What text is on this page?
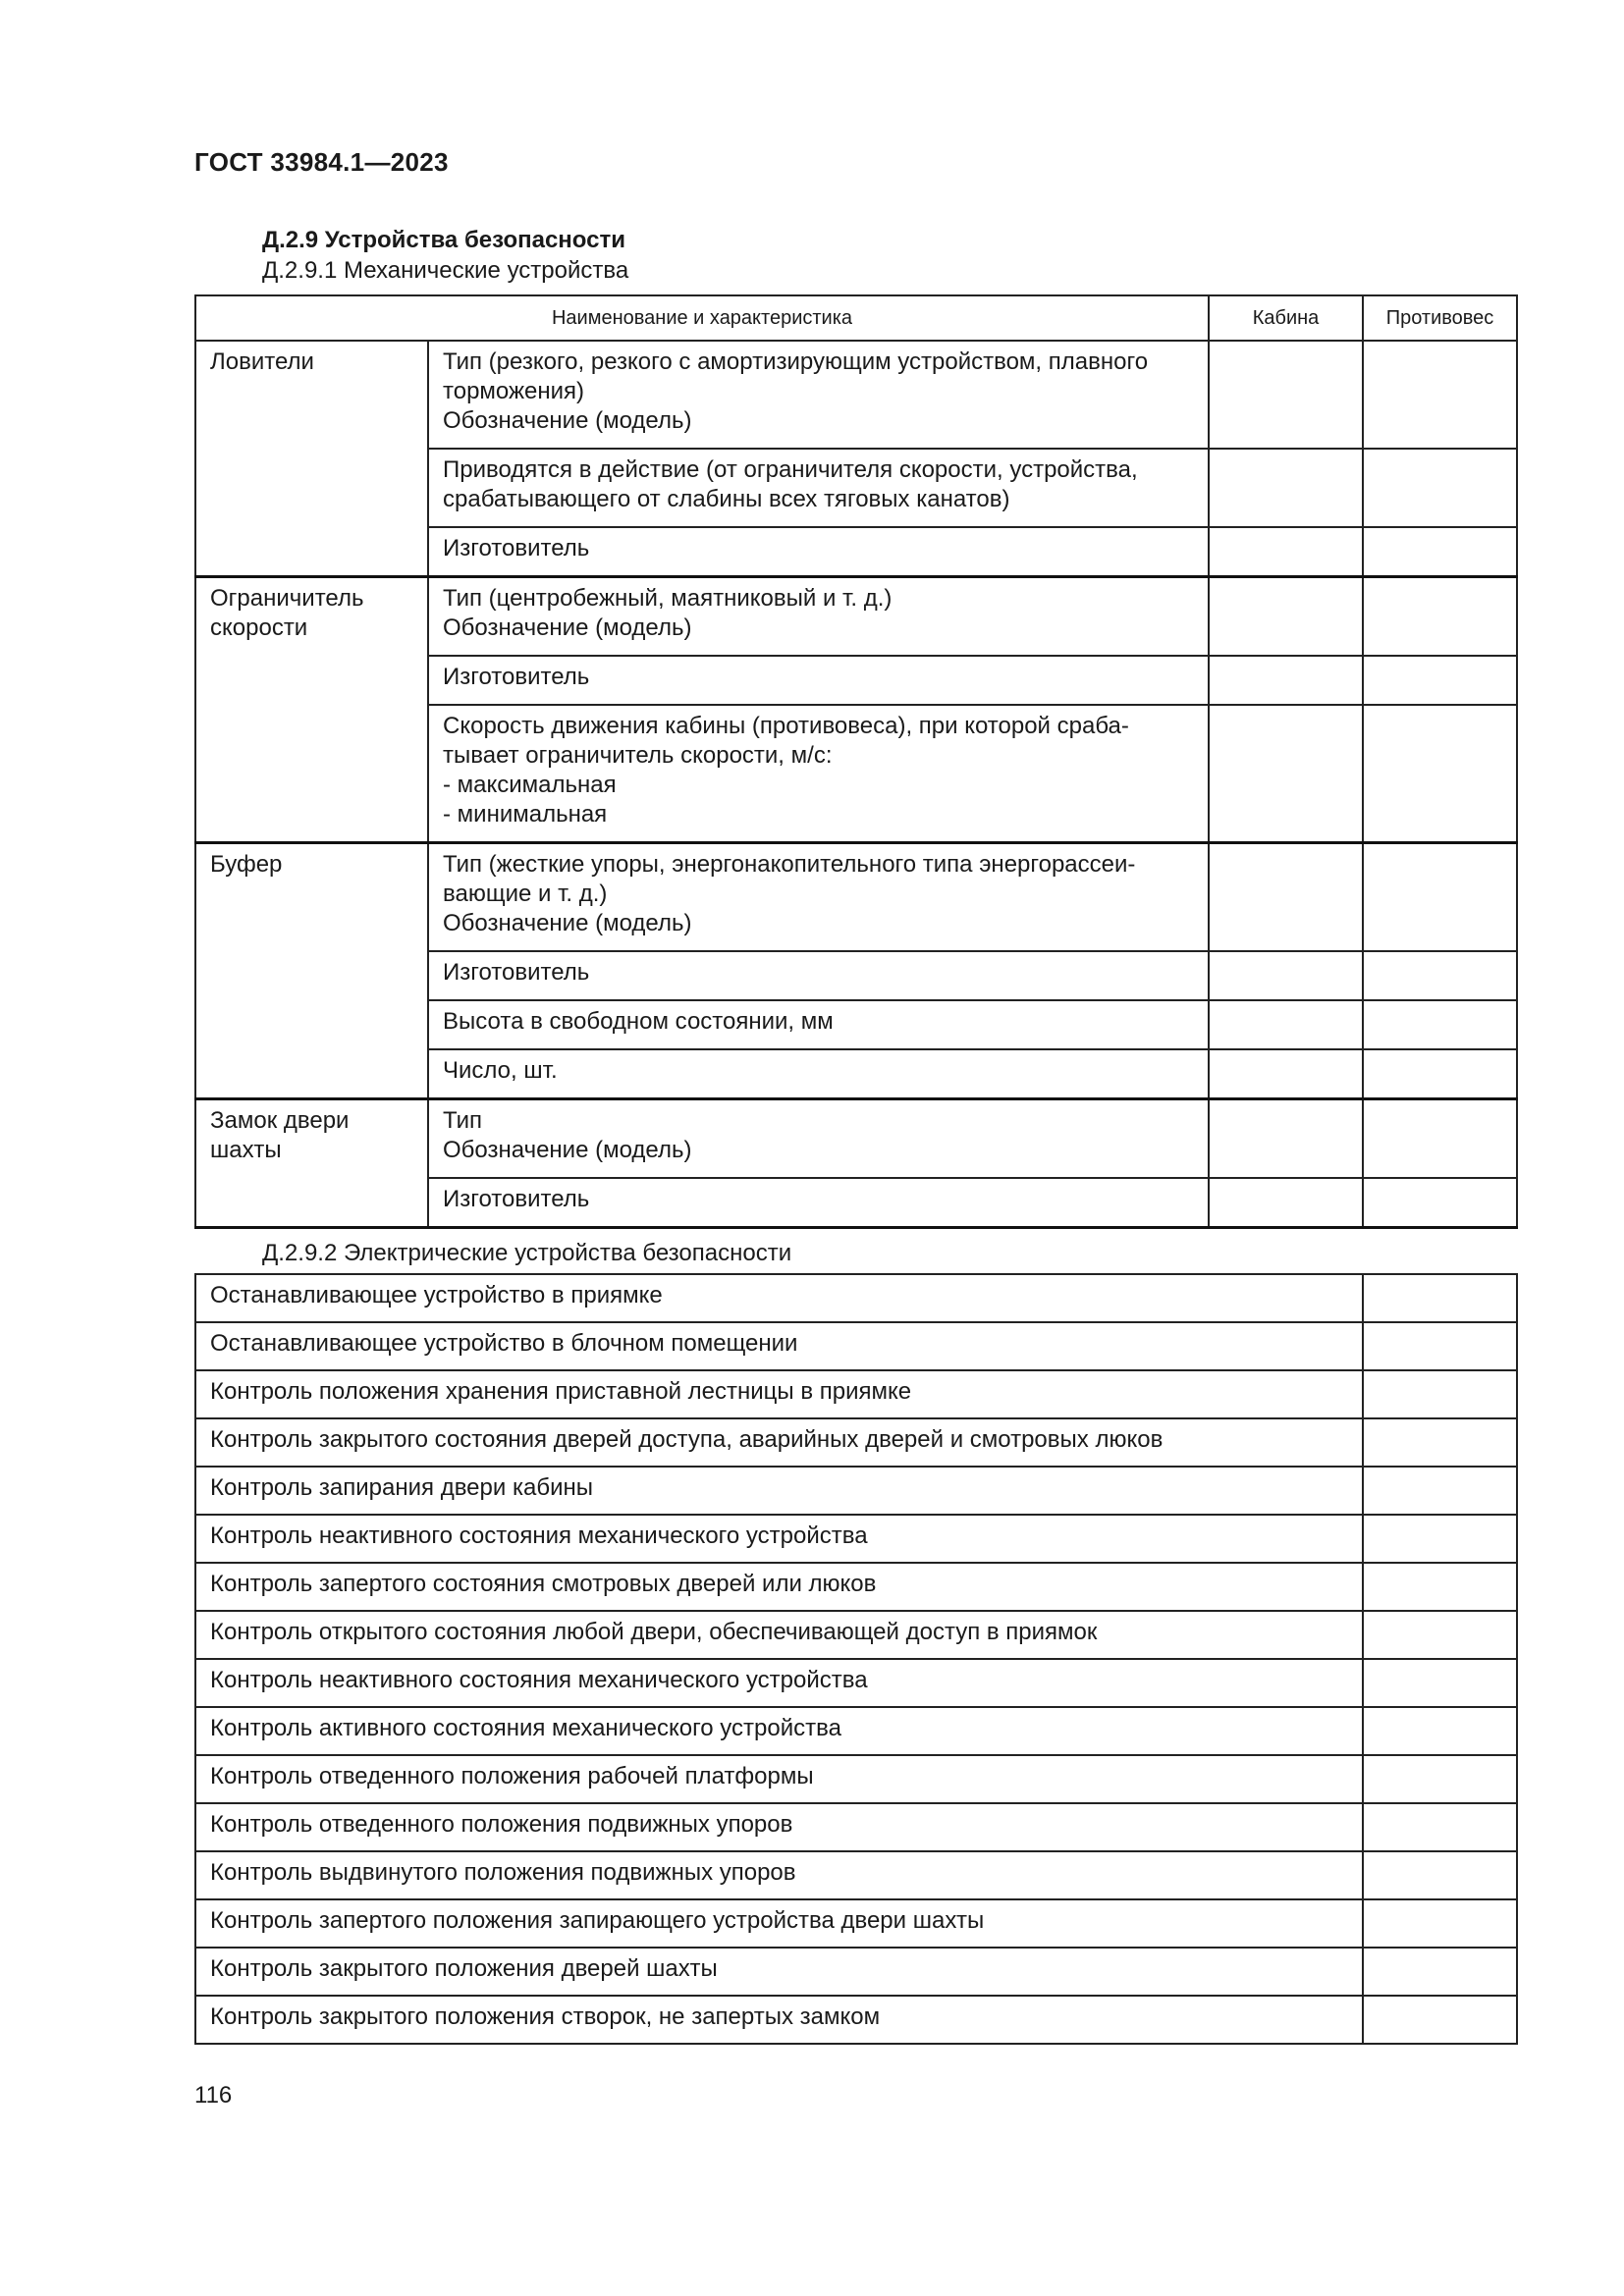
ГОСТ 33984.1—2023
Д.2.9 Устройства безопасности
Д.2.9.1 Механические устройства
Наименование и характеристика		Кабина	Противовес
Ловители	Тип (резкого, резкого с амортизирующим устройством, плавного торможения)
Обозначение (модель)		
	Приводятся в действие (от ограничителя скорости, устройства, срабатывающего от слабины всех тяговых канатов)		
	Изготовитель		
Ограничитель скорости	Тип (центробежный, маятниковый и т. д.)
Обозначение (модель)		
	Изготовитель		
	Скорость движения кабины (противовеса), при которой сраба-
тывает ограничитель скорости, м/с:
- максимальная
- минимальная		
Буфер	Тип (жесткие упоры, энергонакопительного типа энергорассеи-
вающие и т. д.)
Обозначение (модель)		
	Изготовитель		
	Высота в свободном состоянии, мм		
	Число, шт.		
Замок двери
шахты	Тип
Обозначение (модель)		
	Изготовитель		
Д.2.9.2 Электрические устройства безопасности
Останавливающее устройство в приямке	
Останавливающее устройство в блочном помещении	
Контроль положения хранения приставной лестницы в приямке	
Контроль закрытого состояния дверей доступа, аварийных дверей и смотровых люков	
Контроль запирания двери кабины	
Контроль неактивного состояния механического устройства	
Контроль запертого состояния смотровых дверей или люков	
Контроль открытого состояния любой двери, обеспечивающей доступ в приямок	
Контроль неактивного состояния механического устройства	
Контроль активного состояния механического устройства	
Контроль отведенного положения рабочей платформы	
Контроль отведенного положения подвижных упоров	
Контроль выдвинутого положения подвижных упоров	
Контроль запертого положения запирающего устройства двери шахты	
Контроль закрытого положения дверей шахты	
Контроль закрытого положения створок, не запертых замком	
116
